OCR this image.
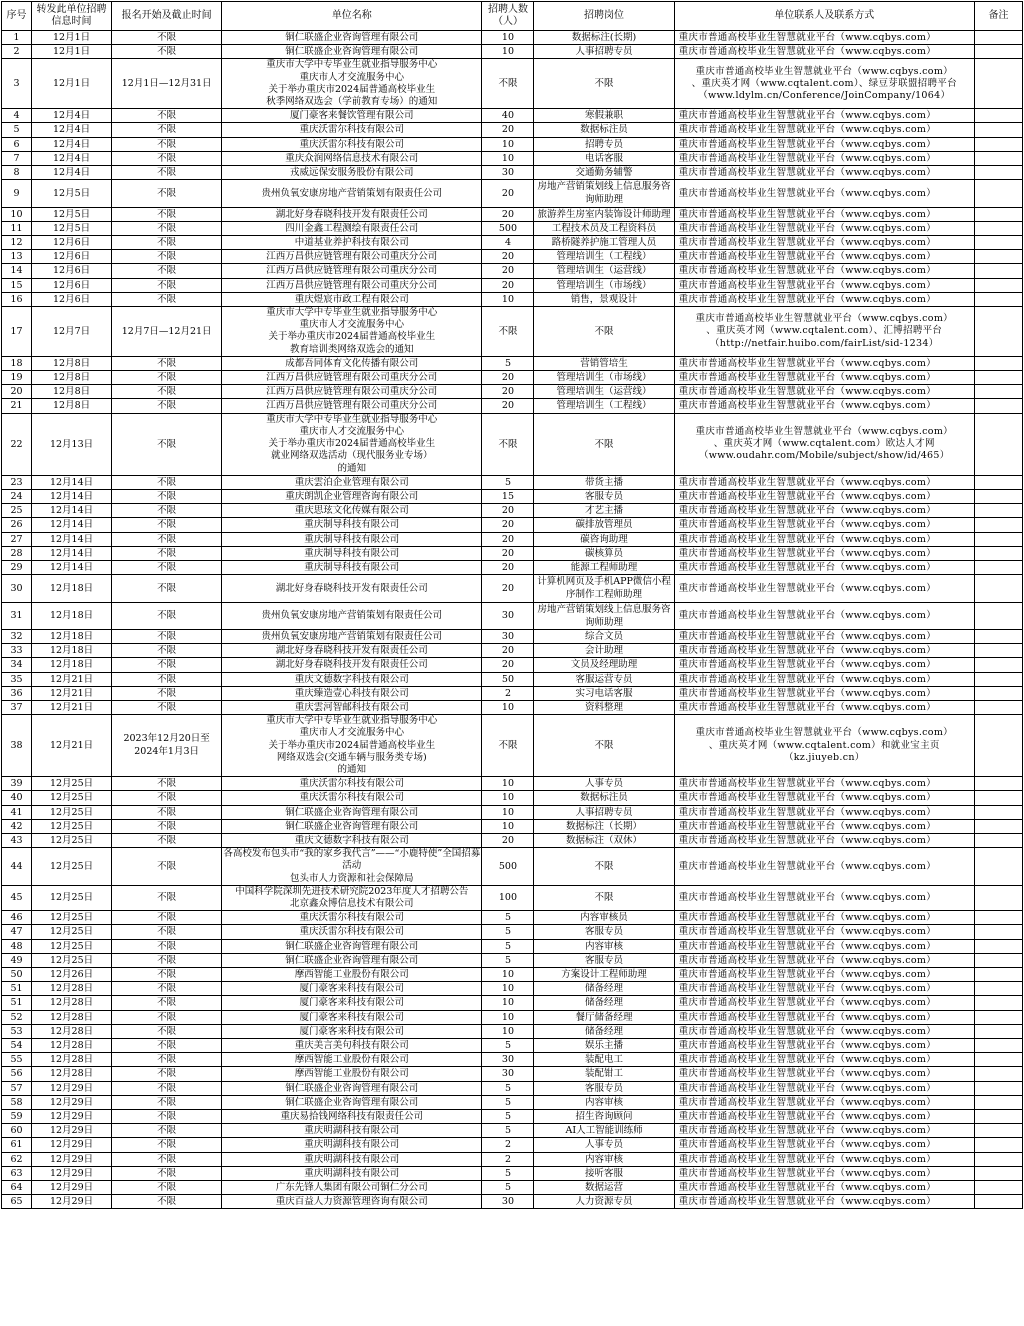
序号	转发此单位招聘信息时间	报名开始及截止时间	单位名称	招聘人数（人）	招聘岗位	单位联系人及联系方式	备注
1	12月1日	不限	铜仁联盛企业咨询管理有限公司	10	数据标注(长期)	重庆市普通高校毕业生智慧就业平台（www.cqbys.com）	
2	12月1日	不限	铜仁联盛企业咨询管理有限公司	10	人事招聘专员	重庆市普通高校毕业生智慧就业平台（www.cqbys.com）	
3	12月1日	12月1日—12月31日	重庆市大学中专毕业生就业指导服务中心
重庆市人才交流服务中心
关于举办重庆市2024届普通高校毕业生
秋季网络双选会（学前教育专场）的通知	不限	不限	重庆市普通高校毕业生智慧就业平台（www.cqbys.com）
、重庆英才网（www.cqtalent.com）、绿豆芽联盟招聘平台（www.ldylm.cn/Conference/JoinCompany/1064）	
4	12月4日	不限	厦门豪客来餐饮管理有限公司	40	寒假兼职	重庆市普通高校毕业生智慧就业平台（www.cqbys.com）	
5	12月4日	不限	重庆沃雷尔科技有限公司	20	数据标注员	重庆市普通高校毕业生智慧就业平台（www.cqbys.com）	
6	12月4日	不限	重庆沃雷尔科技有限公司	10	招聘专员	重庆市普通高校毕业生智慧就业平台（www.cqbys.com）	
7	12月4日	不限	重庆众润网络信息技术有限公司	10	电话客服	重庆市普通高校毕业生智慧就业平台（www.cqbys.com）	
8	12月4日	不限	戎威远保安服务股份有限公司	30	交通勤务辅警	重庆市普通高校毕业生智慧就业平台（www.cqbys.com）	
9	12月5日	不限	贵州负氧安康房地产营销策划有限责任公司	20	房地产营销策划线上信息服务咨询师助理	重庆市普通高校毕业生智慧就业平台（www.cqbys.com）	
10	12月5日	不限	湖北好身春晓科技开发有限责任公司	20	旅游养生房室内装饰设计师助理	重庆市普通高校毕业生智慧就业平台（www.cqbys.com）	
11	12月5日	不限	四川金鑫工程测绘有限责任公司	500	工程技术员及工程资料员	重庆市普通高校毕业生智慧就业平台（www.cqbys.com）	
12	12月6日	不限	中道基业养护科技有限公司	4	路桥隧养护施工管理人员	重庆市普通高校毕业生智慧就业平台（www.cqbys.com）	
13	12月6日	不限	江西万昌供应链管理有限公司重庆分公司	20	管理培训生（工程线）	重庆市普通高校毕业生智慧就业平台（www.cqbys.com）	
14	12月6日	不限	江西万昌供应链管理有限公司重庆分公司	20	管理培训生（运营线）	重庆市普通高校毕业生智慧就业平台（www.cqbys.com）	
15	12月6日	不限	江西万昌供应链管理有限公司重庆分公司	20	管理培训生（市场线）	重庆市普通高校毕业生智慧就业平台（www.cqbys.com）	
16	12月6日	不限	重庆煜宸市政工程有限公司	10	销售，景观设计	重庆市普通高校毕业生智慧就业平台（www.cqbys.com）	
17	12月7日	12月7日—12月21日	重庆市大学中专毕业生就业指导服务中心
重庆市人才交流服务中心
关于举办重庆市2024届普通高校毕业生
教育培训类网络双选会的通知	不限	不限	重庆市普通高校毕业生智慧就业平台（www.cqbys.com）
、重庆英才网（www.cqtalent.com）、汇博招聘平台
（http://netfair.huibo.com/fairList/sid-1234）	
18	12月8日	不限	成都吾同体育文化传播有限公司	5	营销管培生	重庆市普通高校毕业生智慧就业平台（www.cqbys.com）	
19	12月8日	不限	江西万昌供应链管理有限公司重庆分公司	20	管理培训生（市场线）	重庆市普通高校毕业生智慧就业平台（www.cqbys.com）	
20	12月8日	不限	江西万昌供应链管理有限公司重庆分公司	20	管理培训生（运营线）	重庆市普通高校毕业生智慧就业平台（www.cqbys.com）	
21	12月8日	不限	江西万昌供应链管理有限公司重庆分公司	20	管理培训生（工程线）	重庆市普通高校毕业生智慧就业平台（www.cqbys.com）	
22	12月13日	不限	重庆市大学中专毕业生就业指导服务中心
重庆市人才交流服务中心
关于举办重庆市2024届普通高校毕业生
就业网络双选活动（现代服务业专场）
的通知	不限	不限	重庆市普通高校毕业生智慧就业平台（www.cqbys.com）
、重庆英才网（www.cqtalent.com）欧达人才网
（www.oudahr.com/Mobile/subject/show/id/465）	
23	12月14日	不限	重庆雲泊企业管理有限公司	5	带货主播	重庆市普通高校毕业生智慧就业平台（www.cqbys.com）	
24	12月14日	不限	重庆朗凯企业管理咨询有限公司	15	客服专员	重庆市普通高校毕业生智慧就业平台（www.cqbys.com）	
25	12月14日	不限	重庆思玹文化传媒有限公司	20	才艺主播	重庆市普通高校毕业生智慧就业平台（www.cqbys.com）	
26	12月14日	不限	重庆制导科技有限公司	20	碳排放管理员	重庆市普通高校毕业生智慧就业平台（www.cqbys.com）	
27	12月14日	不限	重庆制导科技有限公司	20	碳咨询助理	重庆市普通高校毕业生智慧就业平台（www.cqbys.com）	
28	12月14日	不限	重庆制导科技有限公司	20	碳核算员	重庆市普通高校毕业生智慧就业平台（www.cqbys.com）	
29	12月14日	不限	重庆制导科技有限公司	20	能源工程师助理	重庆市普通高校毕业生智慧就业平台（www.cqbys.com）	
30	12月18日	不限	湖北好身春晓科技开发有限责任公司	20	计算机网页及手机APP微信小程序制作工程师助理	重庆市普通高校毕业生智慧就业平台（www.cqbys.com）	
31	12月18日	不限	贵州负氧安康房地产营销策划有限责任公司	30	房地产营销策划线上信息服务咨询师助理	重庆市普通高校毕业生智慧就业平台（www.cqbys.com）	
32	12月18日	不限	贵州负氧安康房地产营销策划有限责任公司	30	综合文员	重庆市普通高校毕业生智慧就业平台（www.cqbys.com）	
33	12月18日	不限	湖北好身春晓科技开发有限责任公司	20	会计助理	重庆市普通高校毕业生智慧就业平台（www.cqbys.com）	
34	12月18日	不限	湖北好身春晓科技开发有限责任公司	20	文员及经理助理	重庆市普通高校毕业生智慧就业平台（www.cqbys.com）	
35	12月21日	不限	重庆文德数字科技有限公司	50	客服运营专员	重庆市普通高校毕业生智慧就业平台（www.cqbys.com）	
36	12月21日	不限	重庆臻造壹心科技有限公司	2	实习电话客服	重庆市普通高校毕业生智慧就业平台（www.cqbys.com）	
37	12月21日	不限	重庆雲河智邮科技有限公司	10	资料整理	重庆市普通高校毕业生智慧就业平台（www.cqbys.com）	
38	12月21日	2023年12月20日至
2024年1月3日	重庆市大学中专毕业生就业指导服务中心
重庆市人才交流服务中心
关于举办重庆市2024届普通高校毕业生
网络双选会(交通车辆与服务类专场)
的通知	不限	不限	重庆市普通高校毕业生智慧就业平台（www.cqbys.com）
、重庆英才网（www.cqtalent.com）和就业宝主页
（kz.jiuyeb.cn）	
39	12月25日	不限	重庆沃雷尔科技有限公司	10	人事专员	重庆市普通高校毕业生智慧就业平台（www.cqbys.com）	
40	12月25日	不限	重庆沃雷尔科技有限公司	10	数据标注员	重庆市普通高校毕业生智慧就业平台（www.cqbys.com）	
41	12月25日	不限	铜仁联盛企业咨询管理有限公司	10	人事招聘专员	重庆市普通高校毕业生智慧就业平台（www.cqbys.com）	
42	12月25日	不限	铜仁联盛企业咨询管理有限公司	10	数据标注（长期）	重庆市普通高校毕业生智慧就业平台（www.cqbys.com）	
43	12月25日	不限	重庆文德数字科技有限公司	20	数据标注（双休）	重庆市普通高校毕业生智慧就业平台（www.cqbys.com）	
44	12月25日	不限	各高校发布包头市“我的家乡我代言”——“小鹿特使”全国招募活动
包头市人力资源和社会保障局	500	不限	重庆市普通高校毕业生智慧就业平台（www.cqbys.com）	
45	12月25日	不限	中国科学院深圳先进技术研究院2023年度人才招聘公告
北京鑫众博信息技术有限公司	100	不限	重庆市普通高校毕业生智慧就业平台（www.cqbys.com）	
46	12月25日	不限	重庆沃雷尔科技有限公司	5	内容审核员	重庆市普通高校毕业生智慧就业平台（www.cqbys.com）	
47	12月25日	不限	重庆沃雷尔科技有限公司	5	客服专员	重庆市普通高校毕业生智慧就业平台（www.cqbys.com）	
48	12月25日	不限	铜仁联盛企业咨询管理有限公司	5	内容审核	重庆市普通高校毕业生智慧就业平台（www.cqbys.com）	
49	12月25日	不限	铜仁联盛企业咨询管理有限公司	5	客服专员	重庆市普通高校毕业生智慧就业平台（www.cqbys.com）	
50	12月26日	不限	摩西智能工业股份有限公司	10	方案设计工程师助理	重庆市普通高校毕业生智慧就业平台（www.cqbys.com）	
51	12月28日	不限	厦门豪客来科技有限公司	10	储备经理	重庆市普通高校毕业生智慧就业平台（www.cqbys.com）	
51	12月28日	不限	厦门豪客来科技有限公司	10	储备经理	重庆市普通高校毕业生智慧就业平台（www.cqbys.com）	
52	12月28日	不限	厦门豪客来科技有限公司	10	餐厅储备经理	重庆市普通高校毕业生智慧就业平台（www.cqbys.com）	
53	12月28日	不限	厦门豪客来科技有限公司	10	储备经理	重庆市普通高校毕业生智慧就业平台（www.cqbys.com）	
54	12月28日	不限	重庆美言美句科技有限公司	5	娱乐主播	重庆市普通高校毕业生智慧就业平台（www.cqbys.com）	
55	12月28日	不限	摩西智能工业股份有限公司	30	装配电工	重庆市普通高校毕业生智慧就业平台（www.cqbys.com）	
56	12月28日	不限	摩西智能工业股份有限公司	30	装配钳工	重庆市普通高校毕业生智慧就业平台（www.cqbys.com）	
57	12月29日	不限	铜仁联盛企业咨询管理有限公司	5	客服专员	重庆市普通高校毕业生智慧就业平台（www.cqbys.com）	
58	12月29日	不限	铜仁联盛企业咨询管理有限公司	5	内容审核	重庆市普通高校毕业生智慧就业平台（www.cqbys.com）	
59	12月29日	不限	重庆易拾钱网络科技有限责任公司	5	招生咨询顾问	重庆市普通高校毕业生智慧就业平台（www.cqbys.com）	
60	12月29日	不限	重庆明湖科技有限公司	5	AI人工智能训练师	重庆市普通高校毕业生智慧就业平台（www.cqbys.com）	
61	12月29日	不限	重庆明湖科技有限公司	2	人事专员	重庆市普通高校毕业生智慧就业平台（www.cqbys.com）	
62	12月29日	不限	重庆明湖科技有限公司	2	内容审核	重庆市普通高校毕业生智慧就业平台（www.cqbys.com）	
63	12月29日	不限	重庆明湖科技有限公司	5	接听客服	重庆市普通高校毕业生智慧就业平台（www.cqbys.com）	
64	12月29日	不限	广东先锋人集团有限公司铜仁分公司	5	数据运营	重庆市普通高校毕业生智慧就业平台（www.cqbys.com）	
65	12月29日	不限	重庆百益人力资源管理咨询有限公司	30	人力资源专员	重庆市普通高校毕业生智慧就业平台（www.cqbys.com）	
